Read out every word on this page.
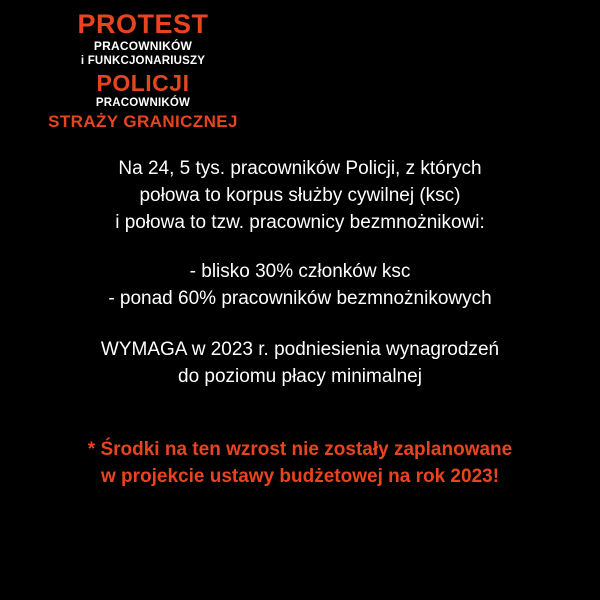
PROTEST
PRACOWNIKÓW
i FUNKCJONARIUSZY
POLICJI
PRACOWNIKÓW
STRAŻY GRANICZNEJ

Na 24, 5 tys. pracowników Policji, z których

połowa to korpus służby cywilnej (ksc)

i połowa to tzw. pracownicy bezmnożnikowi:

- blisko 30% członków ksc

- ponad 60% pracowników bezmnożnikowych

WYMAGA w 2023 r. podniesienia wynagrodzeń

do poziomu płacy minimalnej

* Środki na ten wzrost nie zostały zaplanowane

w projekcie ustawy budżetowej na rok 2023!
